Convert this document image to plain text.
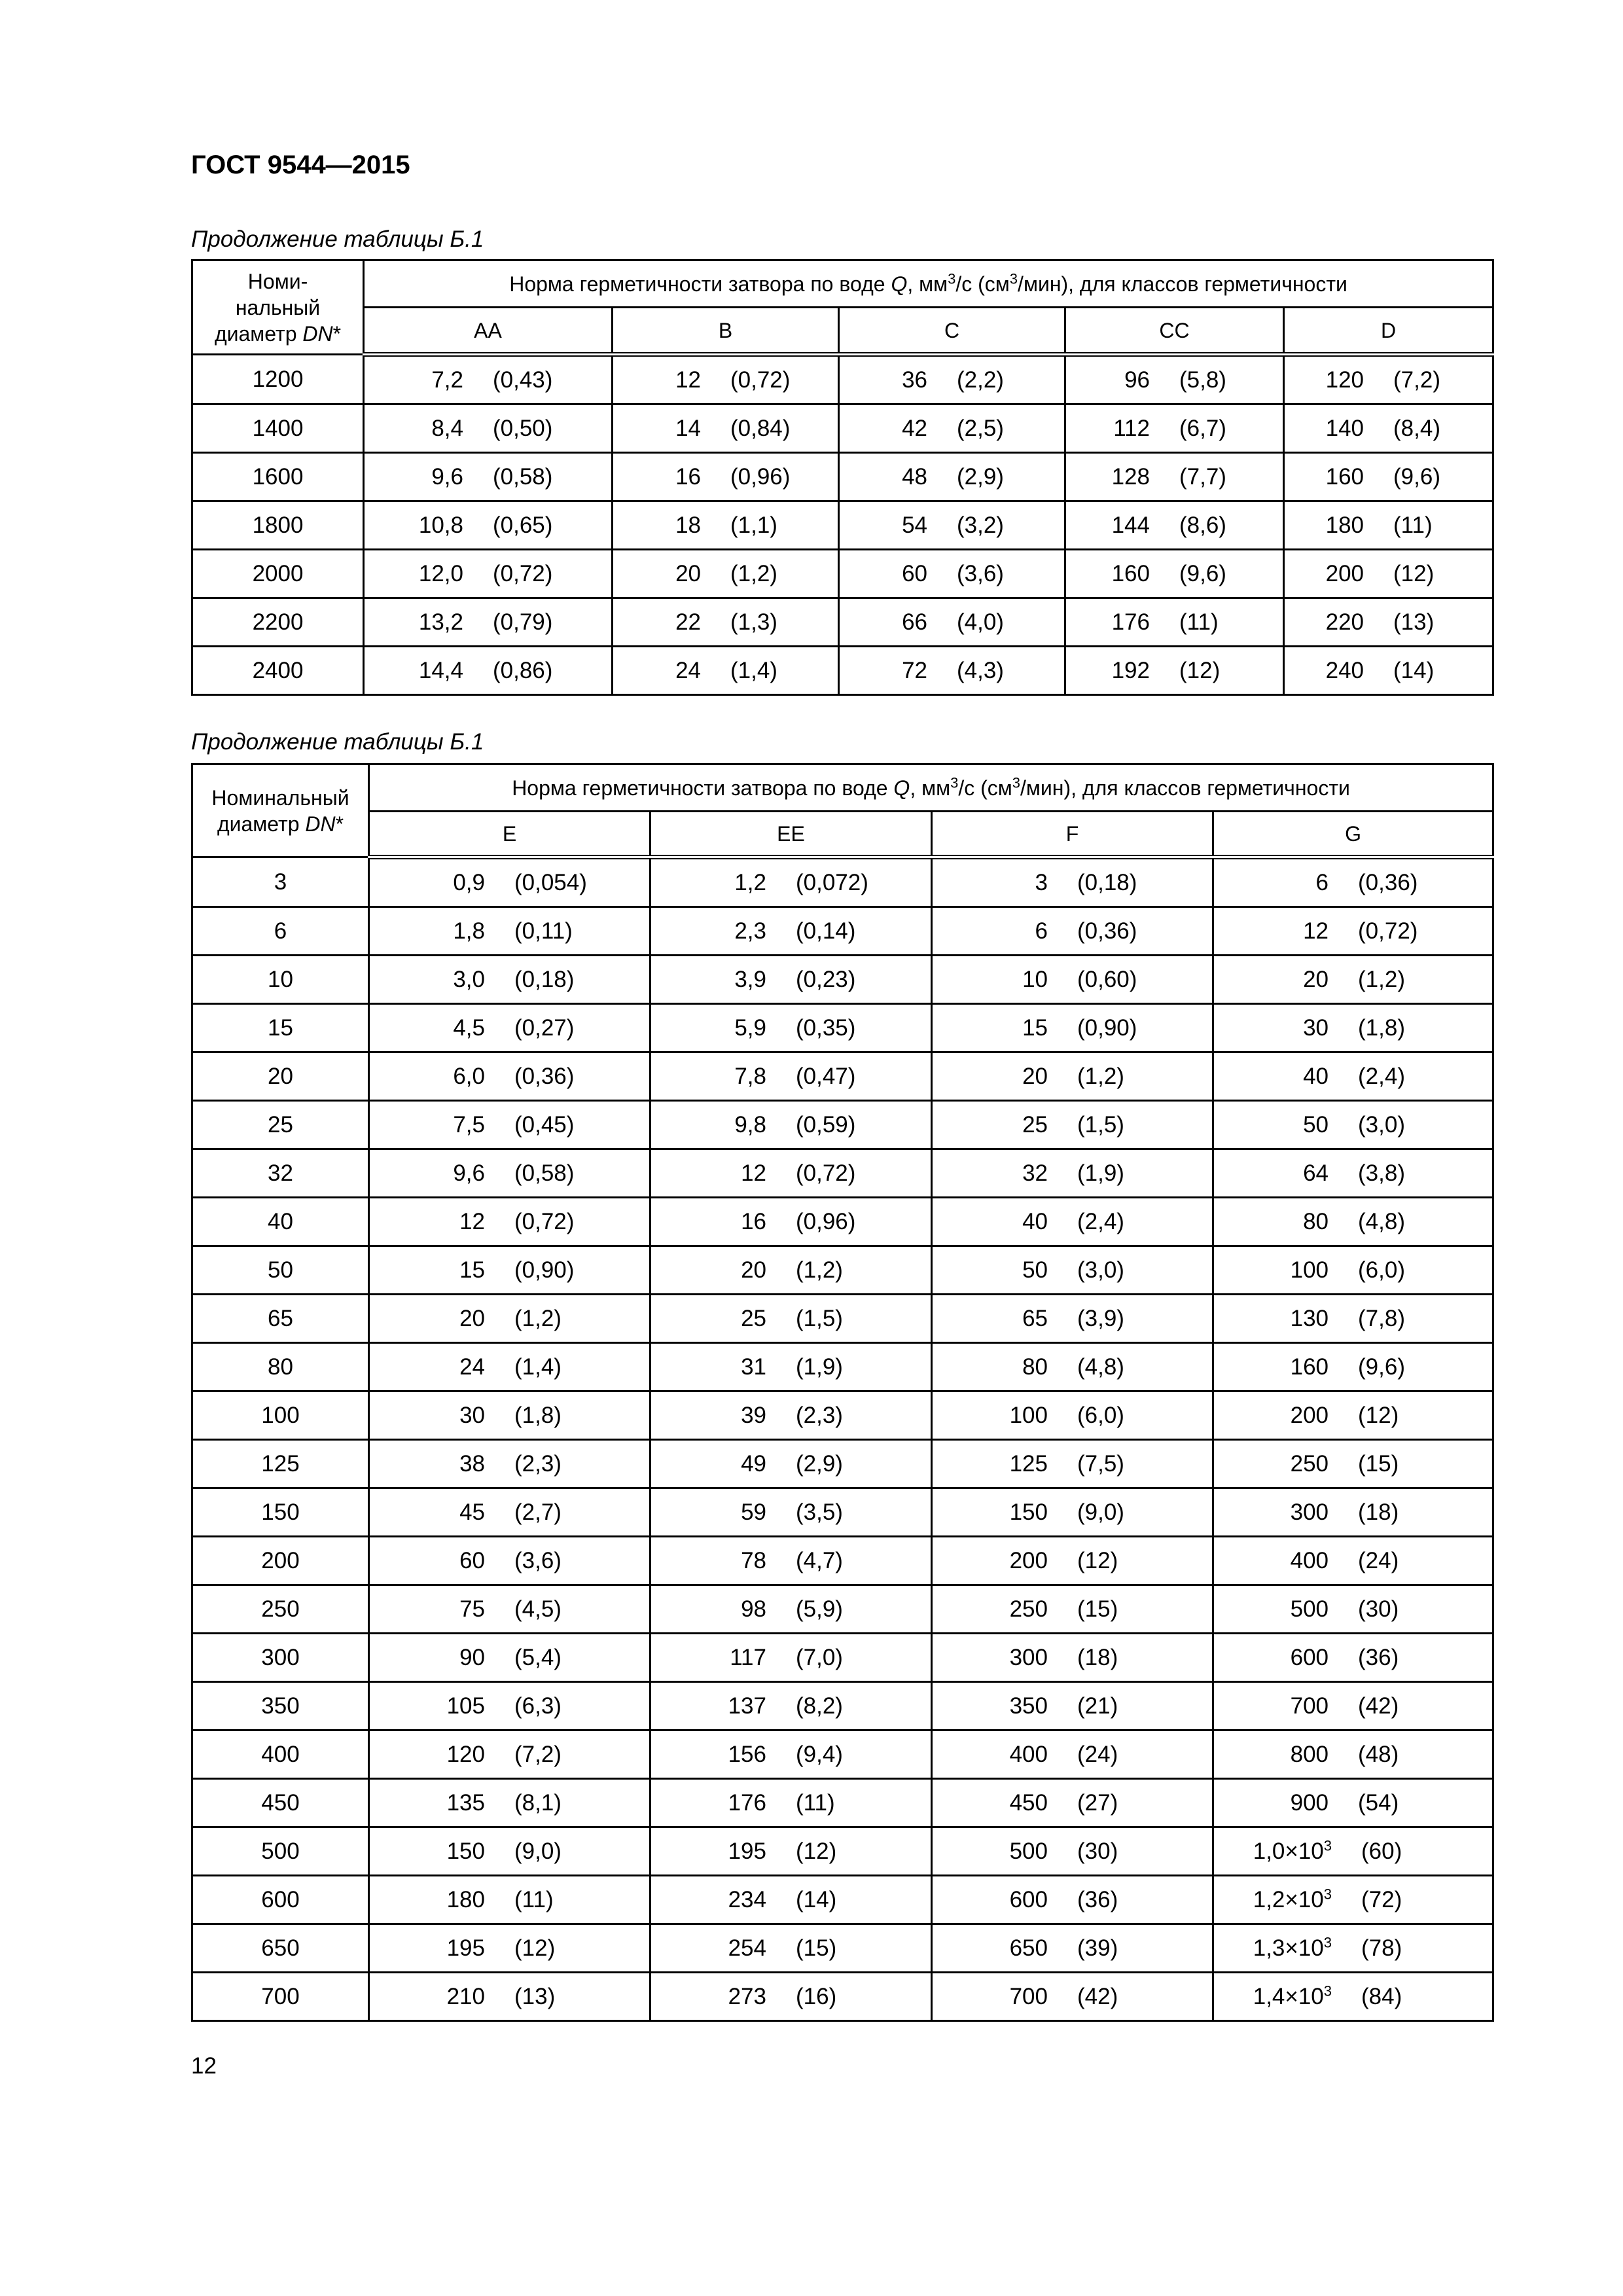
ГОСТ 9544—2015
Продолжение таблицы Б.1
Номи-
нальный
диаметр DN*	Норма герметичности затвора по воде Q, $мм^3/с$ $(см^3/мин)$, для классов герметичности				
	АА	В	С	СС	D
1200	7,2 (0,43)	12 (0,72)	36 (2,2)	96 (5,8)	120 (7,2)

1400	8,4 (0,50)	14 (0,84)	42 (2,5)	112 (6,7)	140 (8,4)

1600	9,6 (0,58)	16 (0,96)	48 (2,9)	128 (7,7)	160 (9,6)

1800	10,8 (0,65)	18 (1,1)	54 (3,2)	144 (8,6)	180 (11)

2000	12,0 (0,72)	20 (1,2)	60 (3,6)	160 (9,6)	200 (12)

2200	13,2 (0,79)	22 (1,3)	66 (4,0)	176 (11)	220 (13)

2400	14,4 (0,86)	24 (1,4)	72 (4,3)	192 (12)	240 (14)
Продолжение таблицы Б.1
Номинальный
диаметр DN*	Норма герметичности затвора по воде Q, $мм^3/с$ $(см^3/мин)$, для классов герметичности			
	Е	ЕЕ	F	G
3	0,9 (0,054)	1,2 (0,072)	3 (0,18)	6 (0,36)

6	1,8 (0,11)	2,3 (0,14)	6 (0,36)	12 (0,72)

10	3,0 (0,18)	3,9 (0,23)	10 (0,60)	20 (1,2)

15	4,5 (0,27)	5,9 (0,35)	15 (0,90)	30 (1,8)

20	6,0 (0,36)	7,8 (0,47)	20 (1,2)	40 (2,4)

25	7,5 (0,45)	9,8 (0,59)	25 (1,5)	50 (3,0)

32	9,6 (0,58)	12 (0,72)	32 (1,9)	64 (3,8)

40	12 (0,72)	16 (0,96)	40 (2,4)	80 (4,8)

50	15 (0,90)	20 (1,2)	50 (3,0)	100 (6,0)

65	20 (1,2)	25 (1,5)	65 (3,9)	130 (7,8)

80	24 (1,4)	31 (1,9)	80 (4,8)	160 (9,6)

100	30 (1,8)	39 (2,3)	100 (6,0)	200 (12)

125	38 (2,3)	49 (2,9)	125 (7,5)	250 (15)

150	45 (2,7)	59 (3,5)	150 (9,0)	300 (18)

200	60 (3,6)	78 (4,7)	200 (12)	400 (24)

250	75 (4,5)	98 (5,9)	250 (15)	500 (30)

300	90 (5,4)	117 (7,0)	300 (18)	600 (36)

350	105 (6,3)	137 (8,2)	350 (21)	700 (42)

400	120 (7,2)	156 (9,4)	400 (24)	800 (48)

450	135 (8,1)	176 (11)	450 (27)	900 (54)

500	150 (9,0)	195 (12)	500 (30)	$1,0\times 10^3$ (60)

600	180 (11)	234 (14)	600 (36)	$1,2\times 10^3$ (72)

650	195 (12)	254 (15)	650 (39)	$1,3\times 10^3$ (78)

700	210 (13)	273 (16)	700 (42)	$1,4\times 10^3$ (84)
12
